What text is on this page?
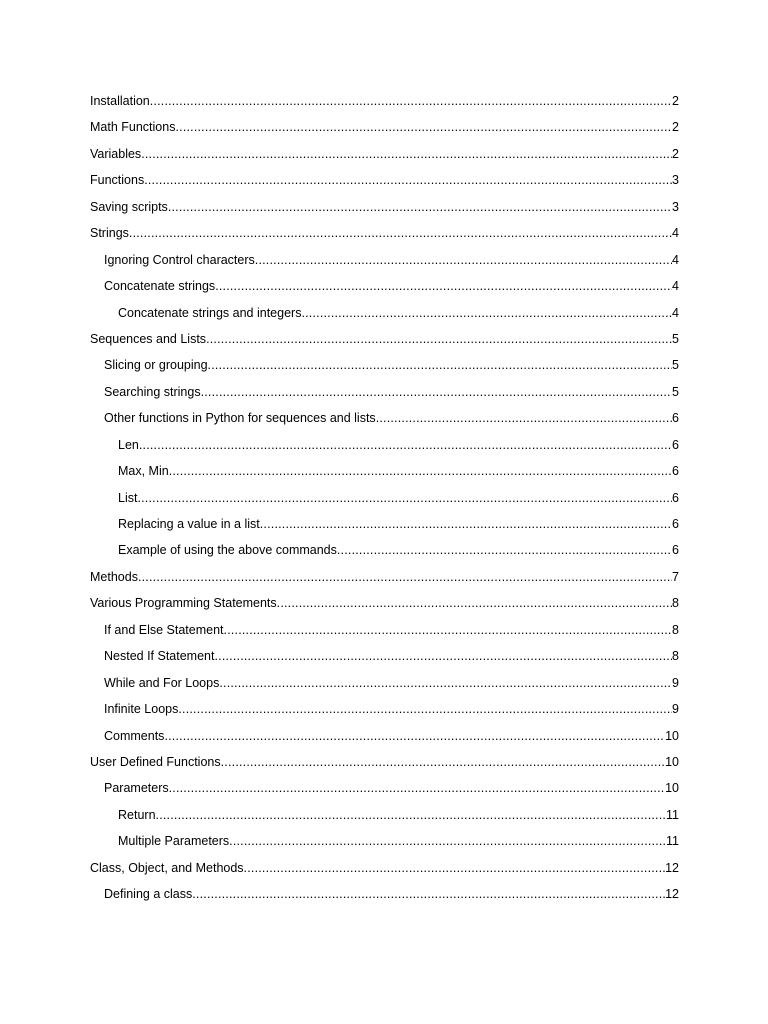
Installation .....	2
Math Functions .....	2
Variables .....	2
Functions .....	3
Saving scripts .....	3
Strings .....	4
Ignoring Control characters .....	4
Concatenate strings .....	4
Concatenate strings and integers .....	4
Sequences and Lists .....	5
Slicing or grouping .....	5
Searching strings .....	5
Other functions in Python for sequences and lists .....	6
Len .....	6
Max, Min .....	6
List .....	6
Replacing a value in a list .....	6
Example of using the above commands .....	6
Methods .....	7
Various Programming Statements .....	8
If and Else Statement .....	8
Nested If Statement .....	8
While and For Loops .....	9
Infinite Loops .....	9
Comments .....	10
User Defined Functions .....	10
Parameters .....	10
Return .....	11
Multiple Parameters .....	11
Class, Object, and Methods .....	12
Defining a class .....	12
